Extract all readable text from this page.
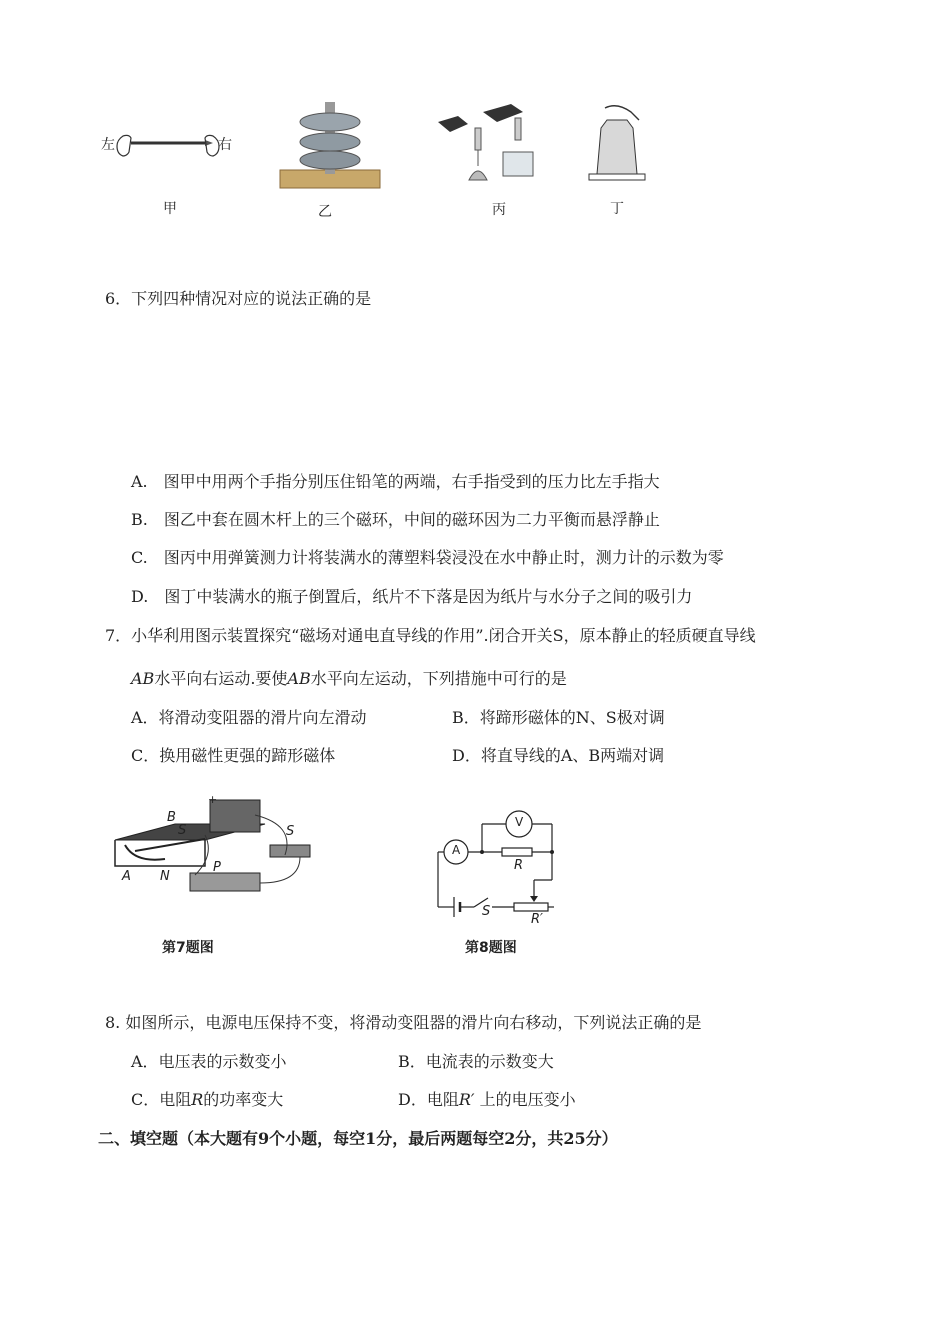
左	右
甲	乙	丙	丁
6．下列四种情况对应的说法正确的是
A.　图甲中用两个手指分别压住铅笔的两端，右手指受到的压力比左手指大
B.　图乙中套在圆木杆上的三个磁环，中间的磁环因为二力平衡而悬浮静止
C.　图丙中用弹簧测力计将装满水的薄塑料袋浸没在水中静止时，测力计的示数为零
D.　图丁中装满水的瓶子倒置后，纸片不下落是因为纸片与水分子之间的吸引力
7．小华利用图示装置探究“磁场对通电直导线的作用”.闭合开关S，原本静止的轻质硬直导线
AB水平向右运动.要使AB水平向左运动，下列措施中可行的是
A．将滑动变阻器的滑片向左滑动	B．将蹄形磁体的N、S极对调
C．换用磁性更强的蹄形磁体	D．将直导线的A、B两端对调
B
S
A N
P
S
+	-
第7题图
A
V
R
R′
S
第8题图
8. 如图所示，电源电压保持不变，将滑动变阻器的滑片向右移动，下列说法正确的是
A．电压表的示数变小	B．电流表的示数变大
C．电阻R的功率变大	D．电阻R′ 上的电压变小
二、填空题（本大题有9个小题，每空1分，最后两题每空2分，共25分）
